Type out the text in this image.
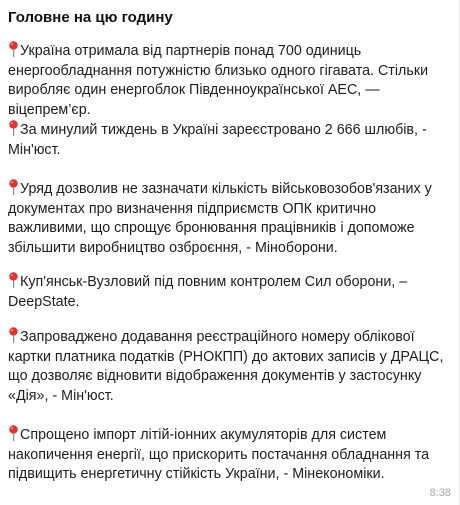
Головне на цю годину
Україна отримала від партнерів понад 700 одиниць енергообладнання потужністю близько одного гігавата. Стільки виробляє один енергоблок Південноукраїнської АЕС, — віцепрем’єр.
За минулий тиждень в Україні зареєстровано 2 666 шлюбів, - Мін'юст.
Уряд дозволив не зазначати кількість військовозобов'язаних у документах про визначення підприємств ОПК критично важливими, що спрощує бронювання працівників і допоможе збільшити виробництво озброєння, - Міноборони.
Куп'янськ-Вузловий під повним контролем Сил оборони, – DeepState.
Запроваджено додавання реєстраційного номеру облікової картки платника податків (РНОКПП) до актових записів у ДРАЦС, що дозволяє відновити відображення документів у застосунку «Дія», - Мін'юст.
Спрощено імпорт літій-іонних акумуляторів для систем накопичення енергії, що прискорить постачання обладнання та підвищить енергетичну стійкість України, - Мінекономіки.
8:38
